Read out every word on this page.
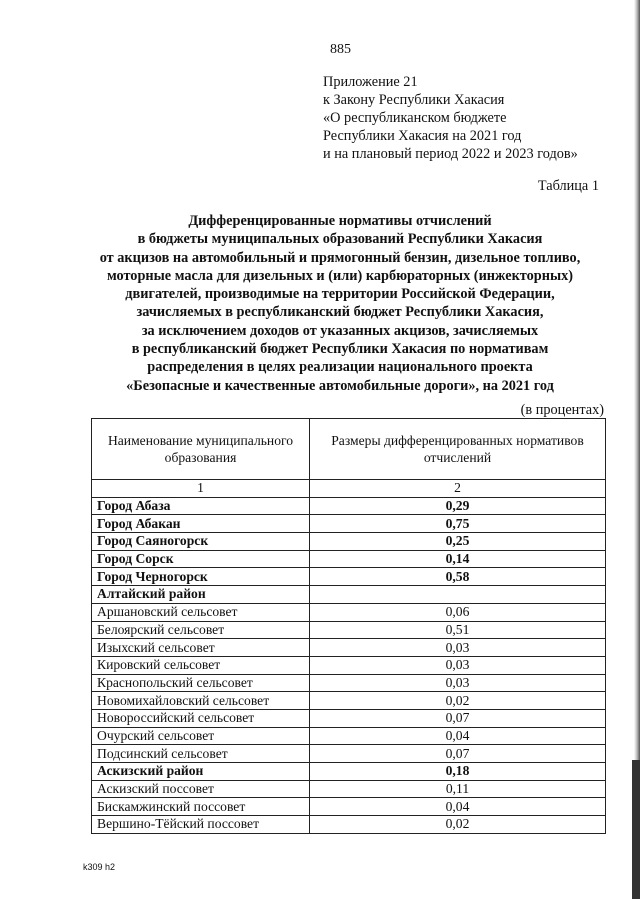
885
Приложение 21
к Закону Республики Хакасия
«О республиканском бюджете
Республики Хакасия на 2021 год
и на плановый период 2022 и 2023 годов»
Таблица 1
Дифференцированные нормативы отчислений
в бюджеты муниципальных образований Республики Хакасия
от акцизов на автомобильный и прямогонный бензин, дизельное топливо,
моторные масла для дизельных и (или) карбюраторных (инжекторных)
двигателей, производимые на территории Российской Федерации,
зачисляемых в республиканский бюджет Республики Хакасия,
за исключением доходов от указанных акцизов, зачисляемых
в республиканский бюджет Республики Хакасия по нормативам
распределения в целях реализации национального проекта
«Безопасные и качественные автомобильные дороги», на 2021 год
(в процентах)
Наименование муниципального образования	Размеры дифференцированных нормативов отчислений
1	2
Город Абаза	0,29
Город Абакан	0,75
Город Саяногорск	0,25
Город Сорск	0,14
Город Черногорск	0,58
Алтайский район	
Аршановский сельсовет	0,06
Белоярский сельсовет	0,51
Изыхский сельсовет	0,03
Кировский сельсовет	0,03
Краснопольский сельсовет	0,03
Новомихайловский сельсовет	0,02
Новороссийский сельсовет	0,07
Очурский сельсовет	0,04
Подсинский сельсовет	0,07
Аскизский район	0,18
Аскизский поссовет	0,11
Бискамжинский поссовет	0,04
Вершино-Тёйский поссовет	0,02
k309 h2
